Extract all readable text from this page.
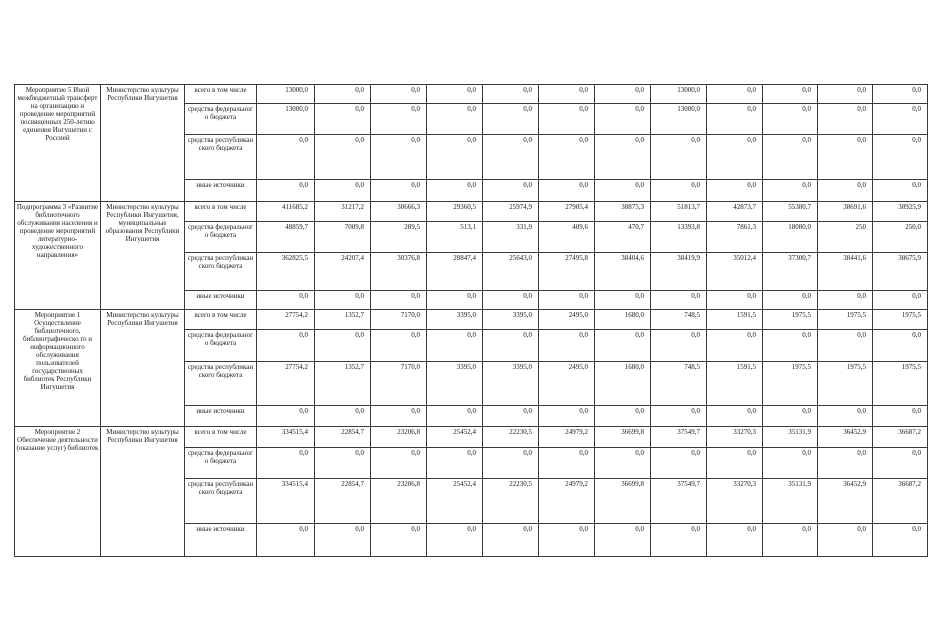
Мероприятие 5 Иной межбюджетный трансферт на организацию и проведение мероприятий посвященных 250-летию единения Ингушетии с Россией	Министерство культуры Республики Ингушетия	всего в том числе	13000,0	0,0	0,0	0,0	0,0	0,0	0,0	13000,0	0,0	0,0	0,0	0,0
		средства федеральног о бюджета	13000,0	0,0	0,0	0,0	0,0	0,0	0,0	13000,0	0,0	0,0	0,0	0,0
		средства республикан ского бюджета	0,0	0,0	0,0	0,0	0,0	0,0	0,0	0,0	0,0	0,0	0,0	0,0
		иные источники	0,0	0,0	0,0	0,0	0,0	0,0	0,0	0,0	0,0	0,0	0,0	0,0
Подпрограмма 3 «Развитие библиотечного обслуживания населения и проведение мероприятий литературно-художественного направления»	Министерство культуры Республики Ингушетия, муниципальные образования Республики Ингушетия	всего в том числе	411685,2	31217,2	30666,3	29360,5	25974,9	27905,4	38875,3	51813,7	42873,7	55380,7	38691,6	38925,9
		средства федеральног о бюджета	48859,7	7009,8	289,5	513,1	331,9	409,6	470,7	13393,8	7861,3	18080,0	250	250,0
		средства республикан ского бюджета	362825,5	24207,4	30376,8	28847,4	25643,0	27495,8	38404,6	38419,9	35012,4	37300,7	38441,6	38675,9
		иные источники	0,0	0,0	0,0	0,0	0,0	0,0	0,0	0,0	0,0	0,0	0,0	0,0
Мероприятие 1 Осуществление библиотечного, библиографическо го и информационного обслуживания пользователей государственных библиотек Республики Ингушетия	Министерство культуры Республики Ингушетия	всего в том числе	27754,2	1352,7	7170,0	3395,0	3395,0	2495,0	1680,0	748,5	1591,5	1975,5	1975,5	1975,5
		средства федеральног о бюджета	0,0	0,0	0,0	0,0	0,0	0,0	0,0	0,0	0,0	0,0	0,0	0,0
		средства республикан ского бюджета	27754,2	1352,7	7170,0	3395,0	3395,0	2495,0	1680,0	748,5	1591,5	1975,5	1975,5	1975,5
		иные источники	0,0	0,0	0,0	0,0	0,0	0,0	0,0	0,0	0,0	0,0	0,0	0,0
Мероприятие 2 Обеспечение деятельности (оказание услуг) библиотек	Министерство культуры Республики Ингушетия	всего в том числе	334515,4	22854,7	23206,8	25452,4	22230,5	24979,2	36699,8	37549,7	33270,3	35131,9	36452,9	36687,2
		средства федеральног о бюджета	0,0	0,0	0,0	0,0	0,0	0,0	0,0	0,0	0,0	0,0	0,0	0,0
		средства республикан ского бюджета	334515,4	22854,7	23206,8	25452,4	22230,5	24979,2	36699,8	37549,7	33270,3	35131,9	36452,9	36687,2
		иные источники	0,0	0,0	0,0	0,0	0,0	0,0	0,0	0,0	0,0	0,0	0,0	0,0
